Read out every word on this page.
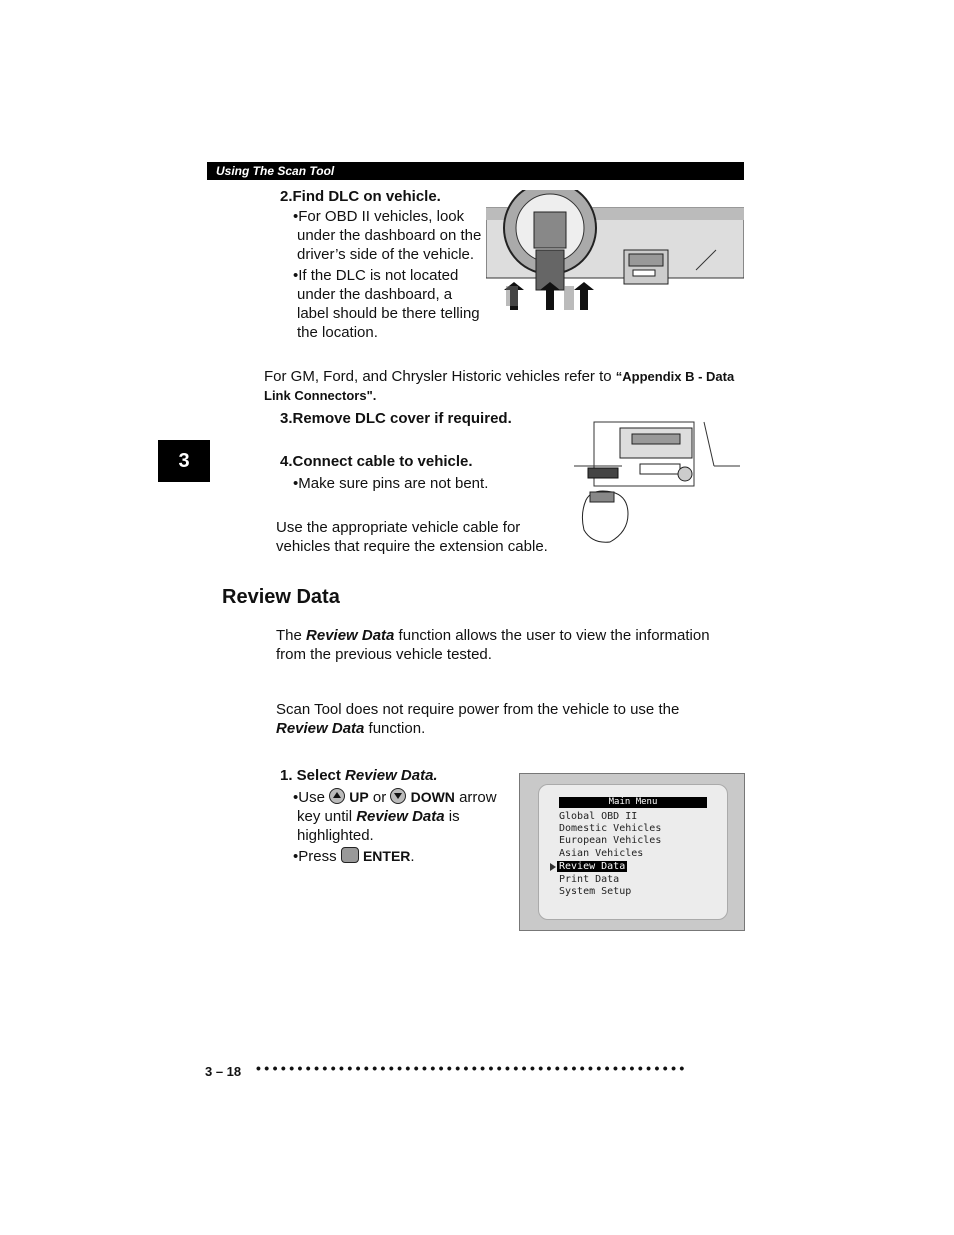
Using The Scan Tool
3
2.Find DLC on vehicle.
•For OBD II vehicles, look
under the dashboard on the
driver’s side of the vehicle.
•If the DLC is not located
under the dashboard, a
label should be there telling
the location.
For GM, Ford, and Chrysler Historic vehicles refer to “Appendix B - Data
Link Connectors".
3.Remove DLC cover if required.
4.Connect cable to vehicle.
•Make sure pins are not bent.
Use the appropriate vehicle cable for
vehicles that require the extension cable.
Review Data
The Review Data function allows the user to view the information
from the previous vehicle tested.
Scan Tool does not require power from the vehicle to use the
Review Data function.
1. Select Review Data.
•Use  UP or  DOWN arrow
key until Review Data is
highlighted.
•Press  ENTER.
Main Menu
Global OBD II
Domestic Vehicles
European Vehicles
Asian Vehicles
Review Data
Print Data
System Setup
3 – 18 ••••••••••••••••••••••••••••••••••••••••••••••••••••
